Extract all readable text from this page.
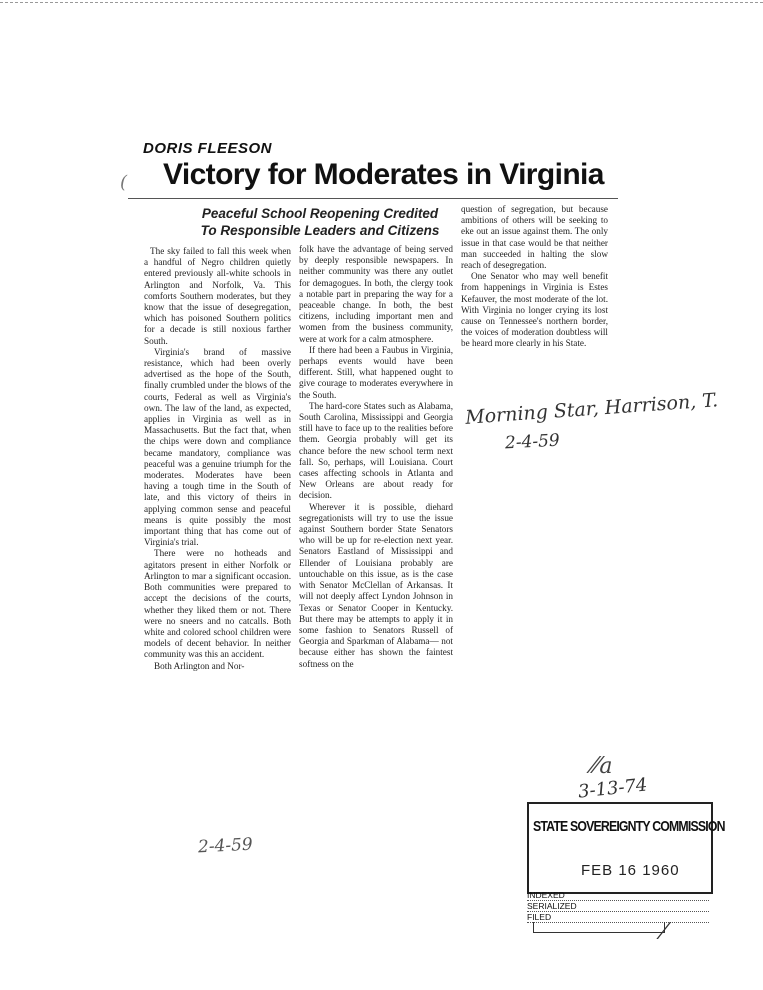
DORIS FLEESON
( Victory for Moderates in Virginia
Peaceful School Reopening Credited
To Responsible Leaders and Citizens

The sky failed to fall this week when a handful of Negro children quietly entered previously all-white schools in Arlington and Norfolk, Va. This comforts Southern moderates, but they know that the issue of desegregation, which has poisoned Southern politics for a decade is still noxious farther South.

Virginia's brand of massive resistance, which had been overly advertised as the hope of the South, finally crumbled under the blows of the courts, Federal as well as Virginia's own. The law of the land, as expected, applies in Virginia as well as in Massachusetts. But the fact that, when the chips were down and compliance became mandatory, compliance was peaceful was a genuine triumph for the moderates. Moderates have been having a tough time in the South of late, and this victory of theirs in applying common sense and peaceful means is quite possibly the most important thing that has come out of Virginia's trial.

There were no hotheads and agitators present in either Norfolk or Arlington to mar a significant occasion. Both communities were prepared to accept the decisions of the courts, whether they liked them or not. There were no sneers and no catcalls. Both white and colored school children were models of decent behavior. In neither community was this an accident.

Both Arlington and Nor-

folk have the advantage of being served by deeply responsible newspapers. In neither community was there any outlet for demagogues. In both, the clergy took a notable part in preparing the way for a peaceable change. In both, the best citizens, including important men and women from the business community, were at work for a calm atmosphere.

If there had been a Faubus in Virginia, perhaps events would have been different. Still, what happened ought to give courage to moderates everywhere in the South.

The hard-core States such as Alabama, South Carolina, Mississippi and Georgia still have to face up to the realities before them. Georgia probably will get its chance before the new school term next fall. So, perhaps, will Louisiana. Court cases affecting schools in Atlanta and New Orleans are about ready for decision.

Wherever it is possible, diehard segregationists will try to use the issue against Southern border State Senators who will be up for re-election next year. Senators Eastland of Mississippi and Ellender of Louisiana probably are untouchable on this issue, as is the case with Senator McClellan of Arkansas. It will not deeply affect Lyndon Johnson in Texas or Senator Cooper in Kentucky. But there may be attempts to apply it in some fashion to Senators Russell of Georgia and Sparkman of Alabama— not because either has shown the faintest softness on the

question of segregation, but because ambitions of others will be seeking to eke out an issue against them. The only issue in that case would be that neither man succeeded in halting the slow reach of desegregation.

One Senator who may well benefit from happenings in Virginia is Estes Kefauver, the most moderate of the lot. With Virginia no longer crying its lost cause on Tennessee's northern border, the voices of moderation doubtless will be heard more clearly in his State.

Morning Star, Harrison, T.
2-4-59
2-4-59
⁄⁄a
3-13-74
STATE SOVEREIGNTY COMMISSION
FEB 16 1960
INDEXED
SERIALIZED
FILED
⁄
